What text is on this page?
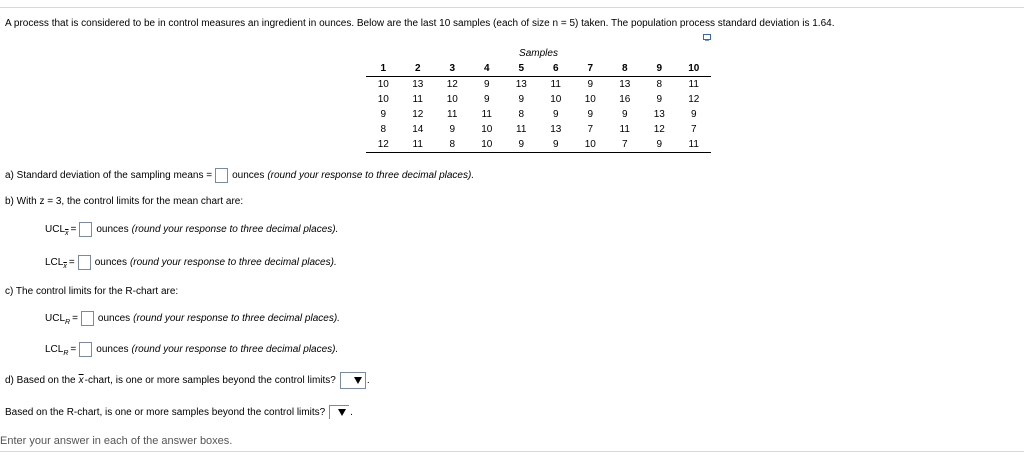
A process that is considered to be in control measures an ingredient in ounces. Below are the last 10 samples (each of size n = 5) taken. The population process standard deviation is 1.64.
Samples									
1	2	3	4	5	6	7	8	9	10
10	13	12	9	13	11	9	13	8	11
10	11	10	9	9	10	10	16	9	12
9	12	11	11	8	9	9	9	13	9
8	14	9	10	11	13	7	11	12	7
12	11	8	10	9	9	10	7	9	11
a) Standard deviation of the sampling means = ounces (round your response to three decimal places).
b) With z = 3, the control limits for the mean chart are:
UCL $\overline{x}$ = ounces (round your response to three decimal places).
LCL $\overline{x}$ = ounces (round your response to three decimal places).
c) The control limits for the R-chart are:
UCL R = ounces (round your response to three decimal places).
LCL R = ounces (round your response to three decimal places).
d) Based on the $\overline{x}$ -chart, is one or more samples beyond the control limits?	.
Based on the R-chart, is one or more samples beyond the control limits?	.
Enter your answer in each of the answer boxes.
